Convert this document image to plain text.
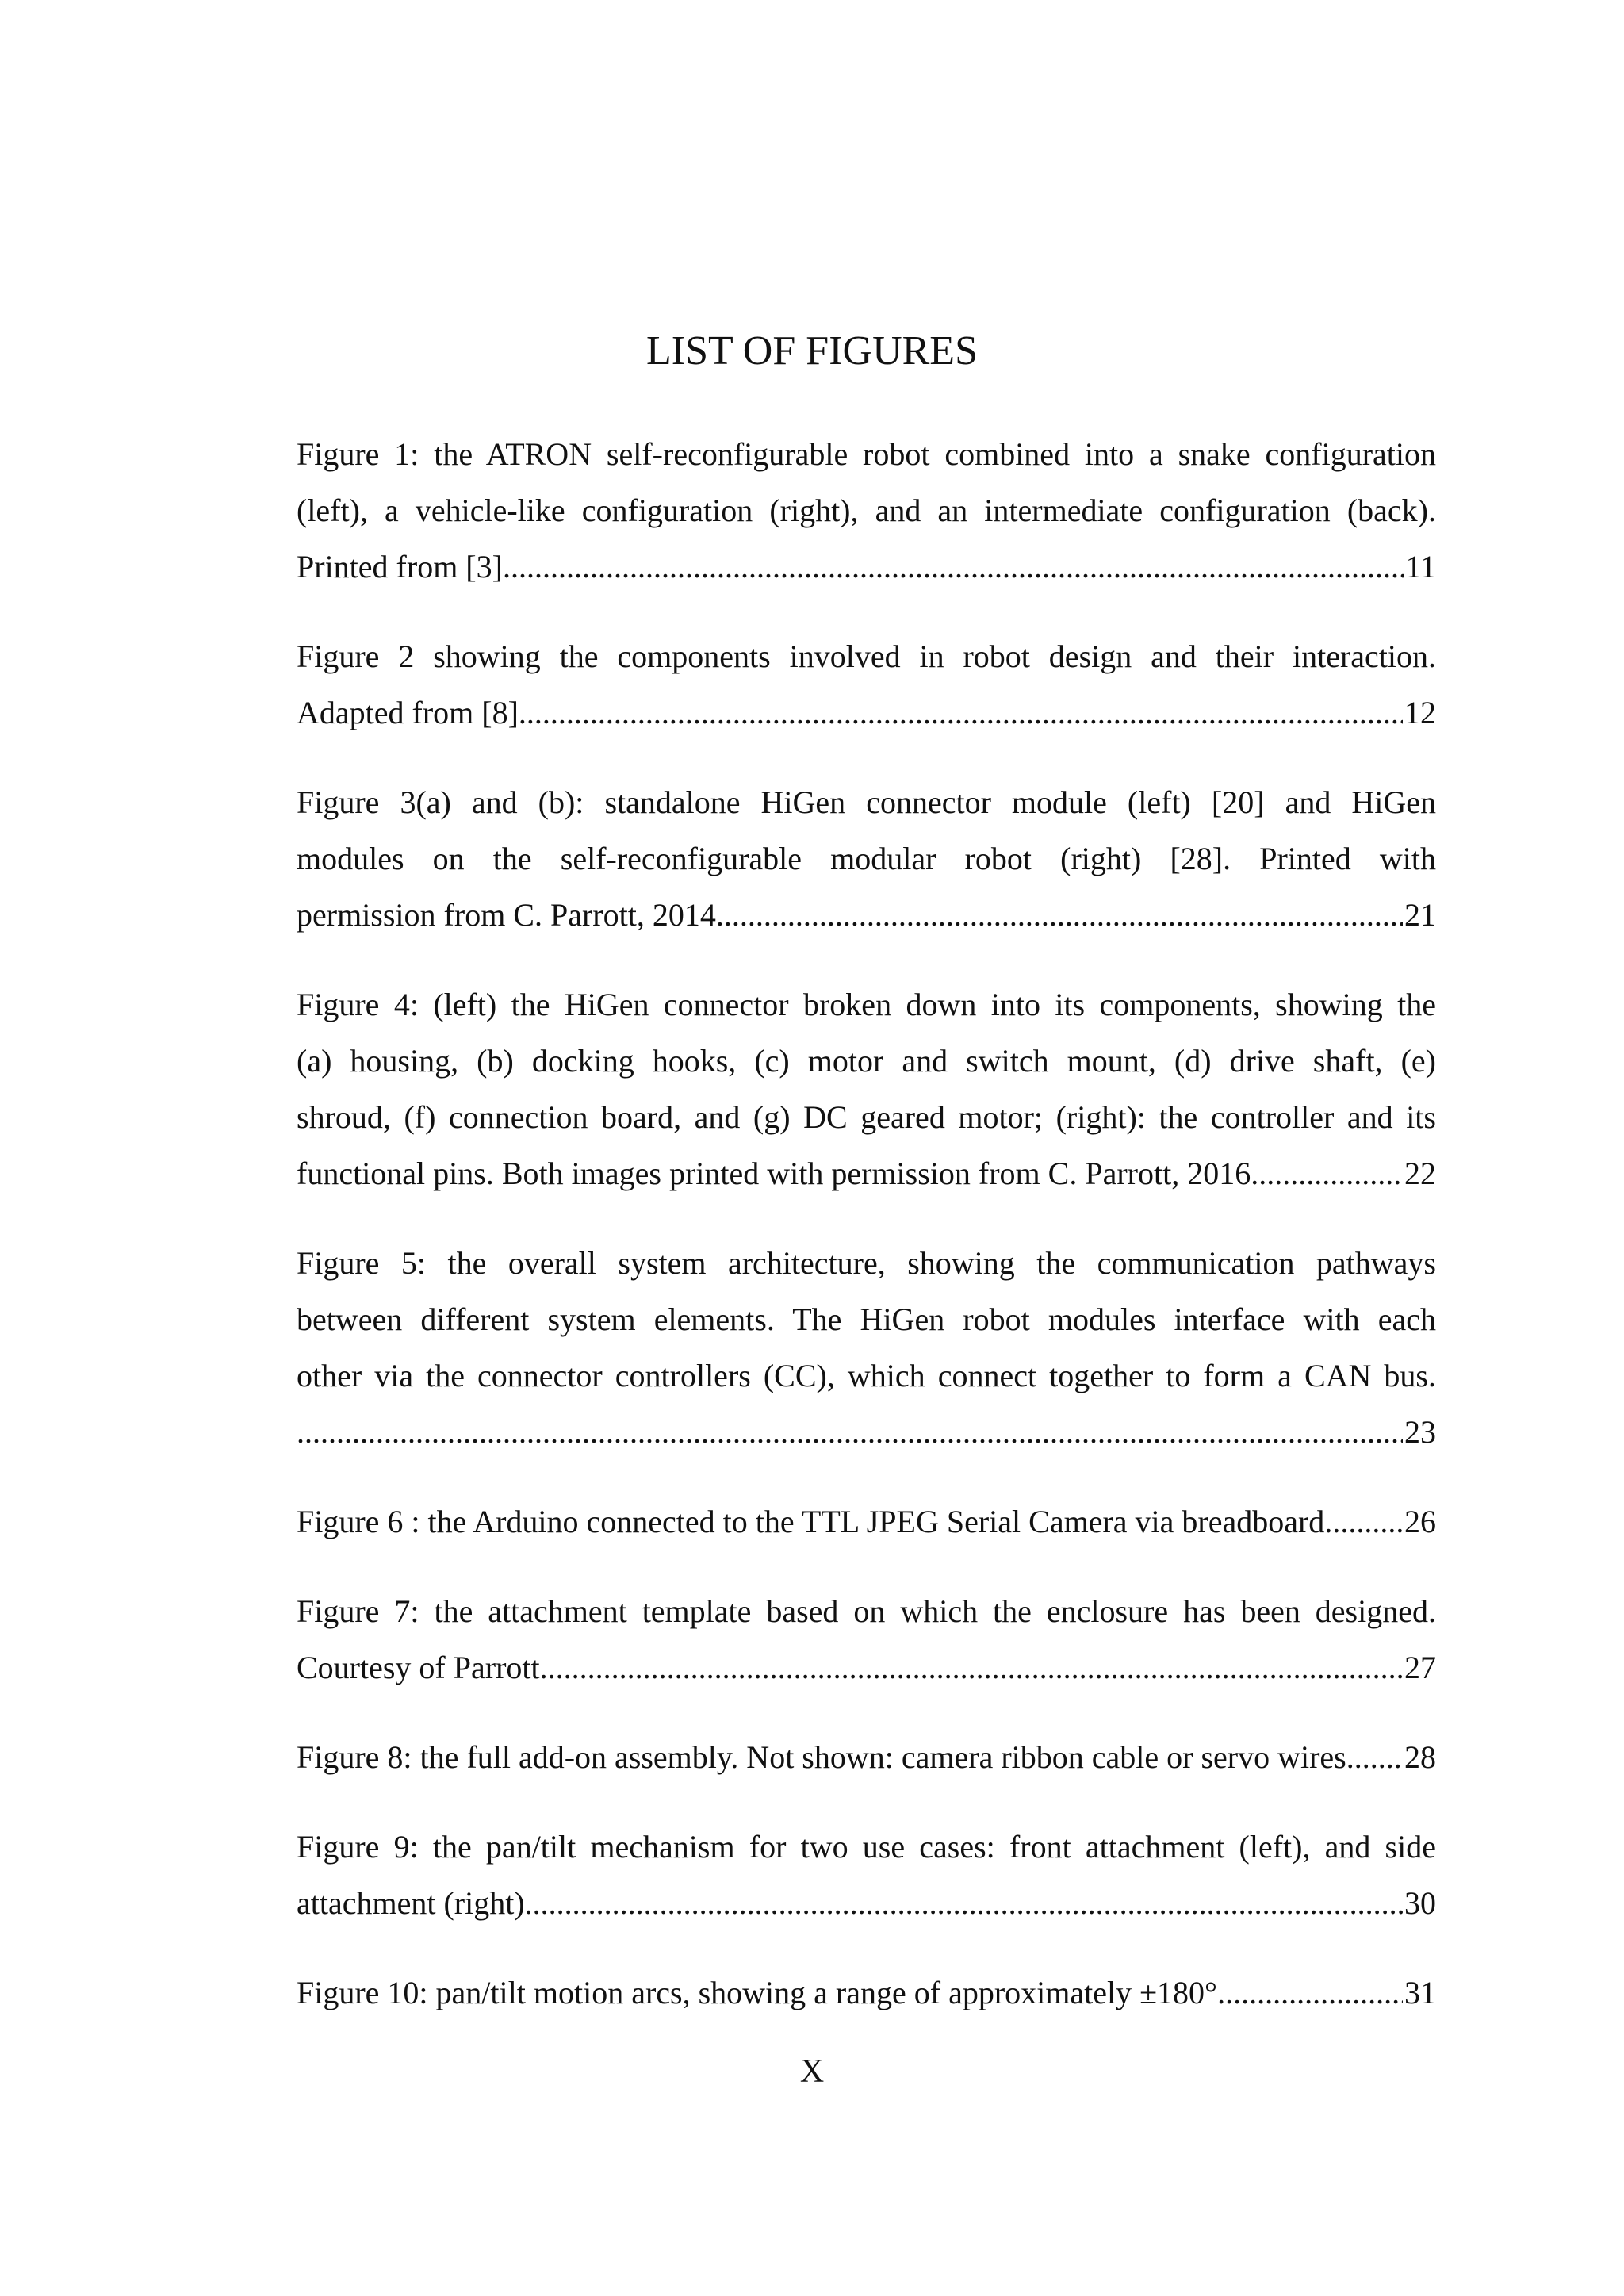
LIST OF FIGURES
Figure 1: the ATRON self-reconfigurable robot combined into a snake configuration
(left), a vehicle-like configuration (right), and an intermediate configuration (back).
Printed from [3] .....	11
Figure 2 showing the components involved in robot design and their interaction.
Adapted from [8] .....	12
Figure 3(a) and (b): standalone HiGen connector module (left) [20] and HiGen
modules on the self-reconfigurable modular robot (right) [28]. Printed with
permission from C. Parrott, 2014. .....	21
Figure 4: (left) the HiGen connector broken down into its components, showing the
(a) housing, (b) docking hooks, (c) motor and switch mount, (d) drive shaft, (e)
shroud, (f) connection board, and (g) DC geared motor; (right): the controller and its
functional pins. Both images printed with permission from C. Parrott, 2016. .....	22
Figure 5: the overall system architecture, showing the communication pathways
between different system elements. The HiGen robot modules interface with each
other via the connector controllers (CC), which connect together to form a CAN bus.
.....
23
Figure 6 : the Arduino connected to the TTL JPEG Serial Camera via breadboard .....	26
Figure 7: the attachment template based on which the enclosure has been designed.
Courtesy of Parrott .....	27
Figure 8: the full add-on assembly. Not shown: camera ribbon cable or servo wires ..... 28
Figure 9: the pan/tilt mechanism for two use cases: front attachment (left), and side
attachment (right) .....	30
Figure 10: pan/tilt motion arcs, showing a range of approximately ±180° .....	31
X
